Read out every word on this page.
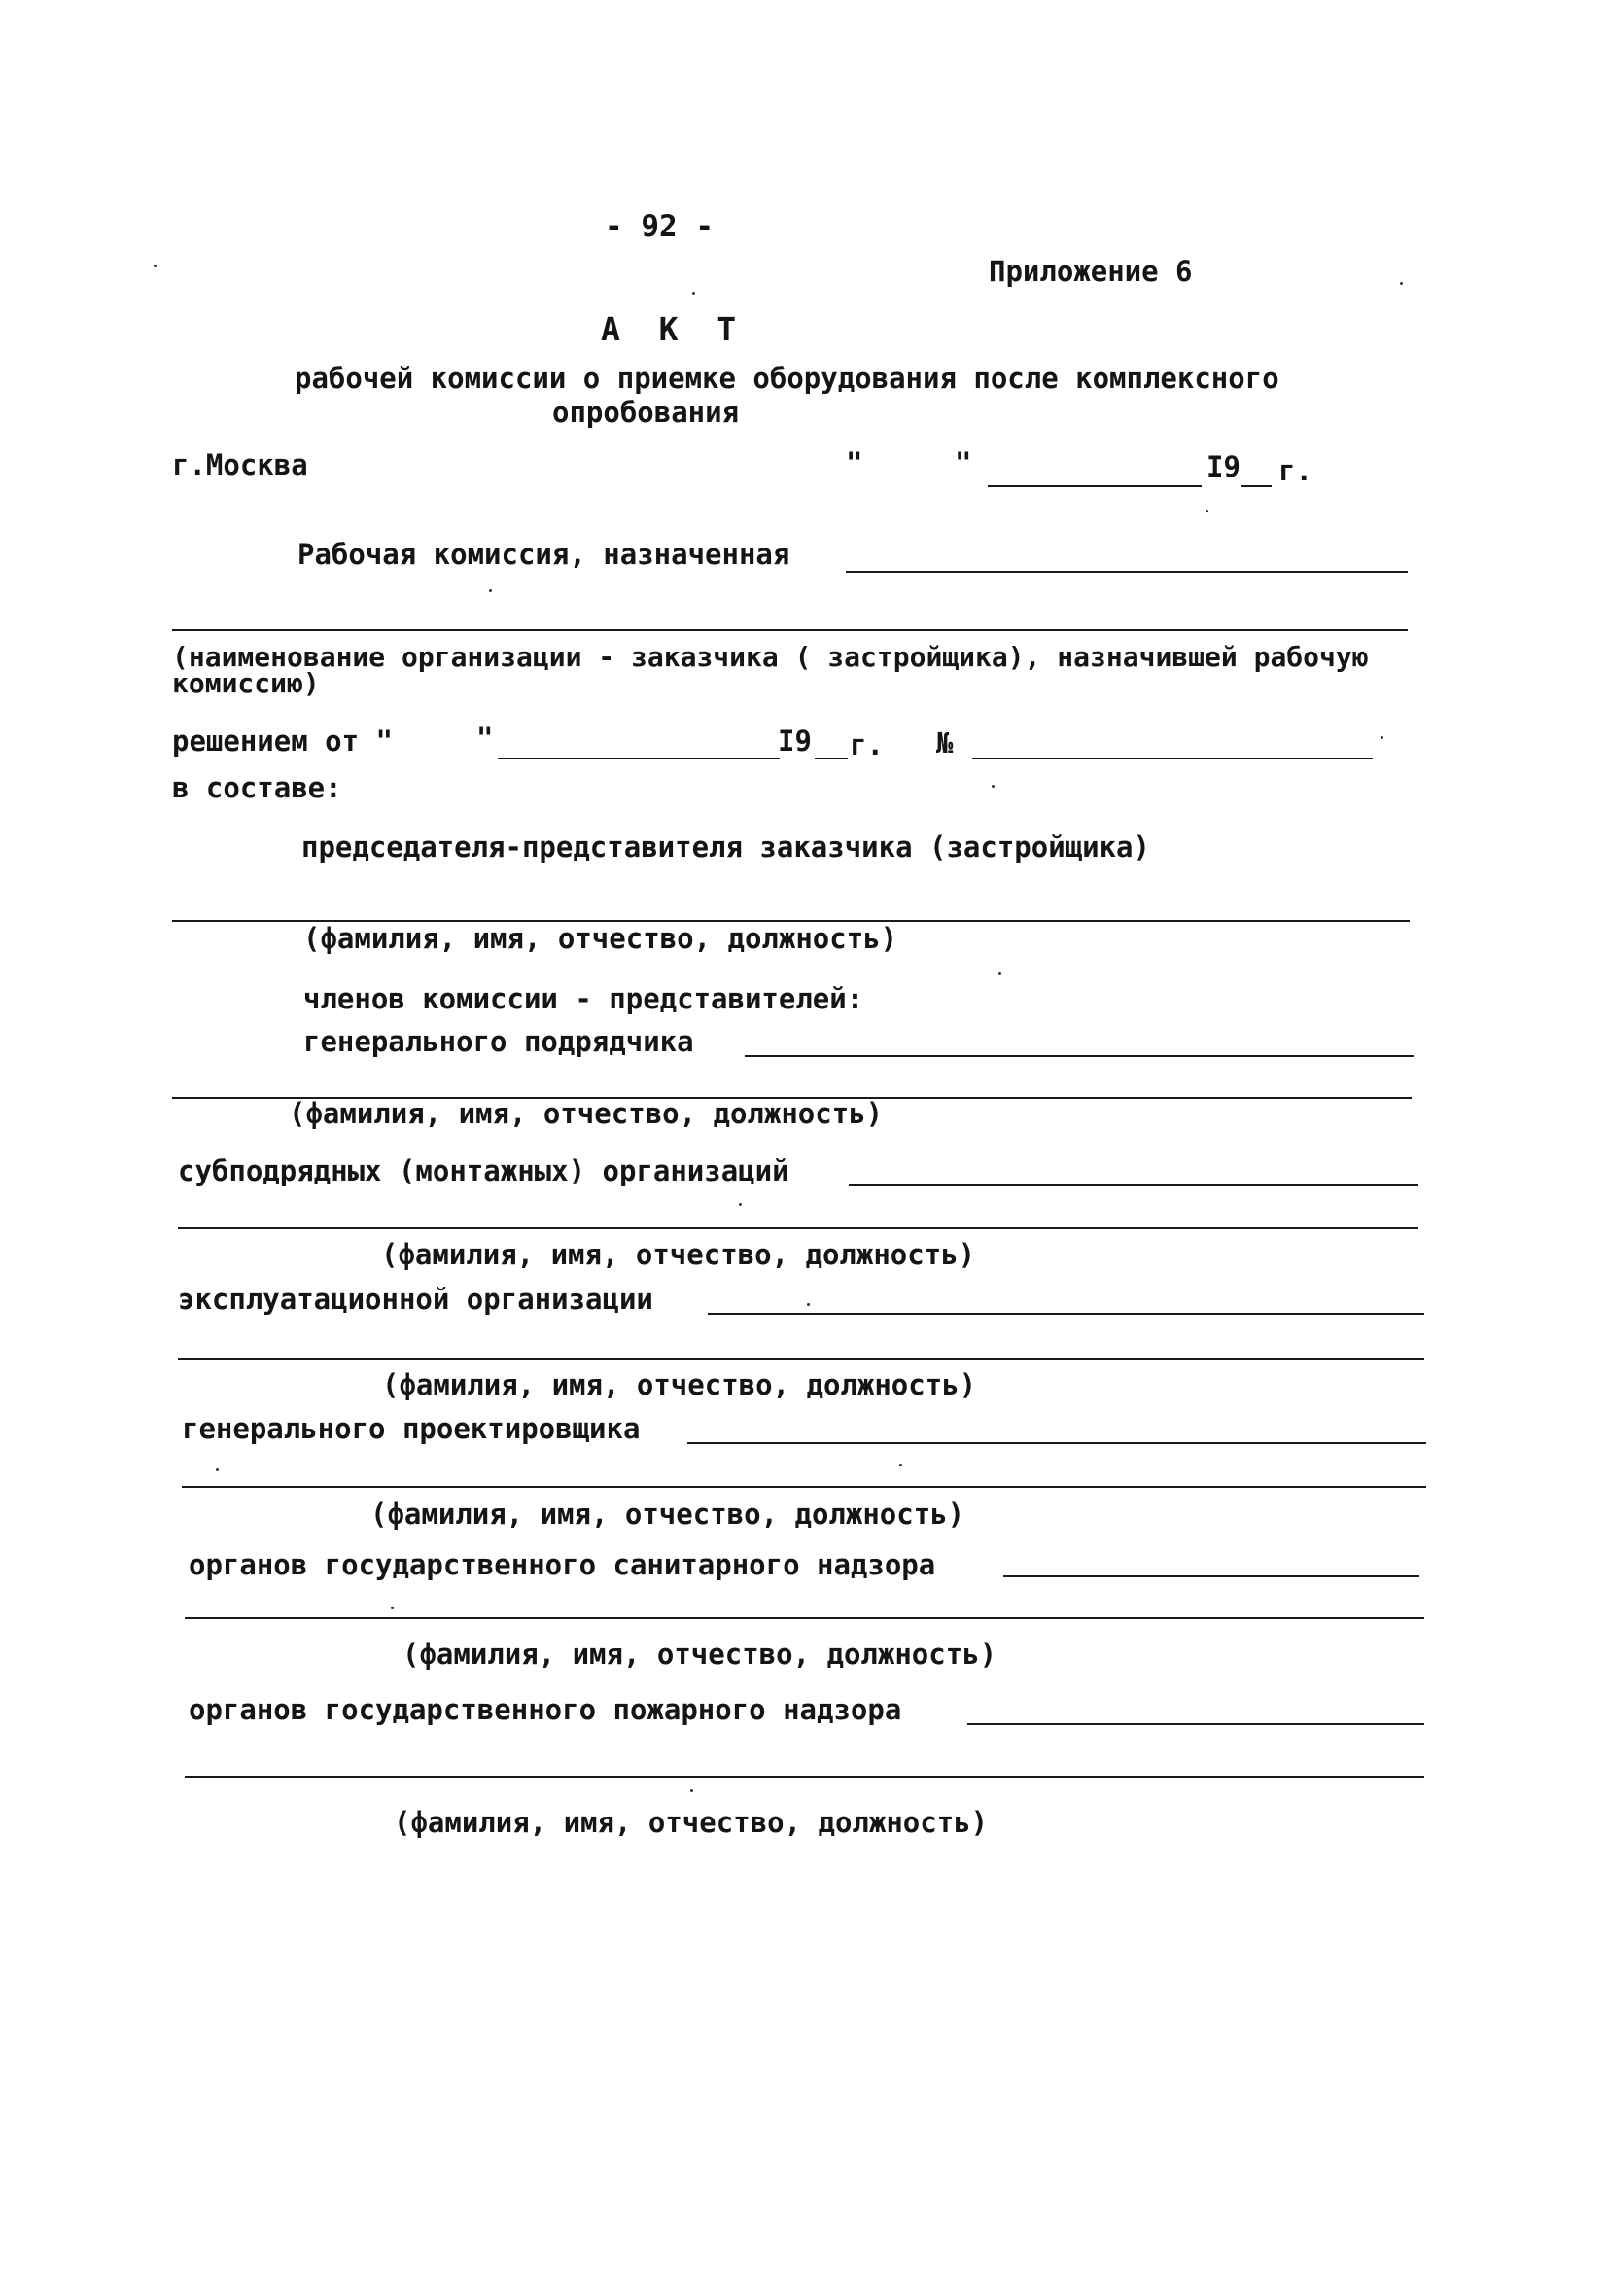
- 92 -
Приложение 6
А  К  Т
рабочей комиссии о приемке оборудования после комплексного
опробования
г.Москва	"	"	I9 г.
Рабочая комиссия, назначенная
(наименование организации - заказчика ( застройщика), назначившей рабочую комиссию)
решением от "	"	I9 г. №
в составе:
председателя-представителя заказчика (застройщика)
(фамилия, имя, отчество, должность)
членов комиссии - представителей:
генерального подрядчика
(фамилия, имя, отчество, должность)
субподрядных (монтажных) организаций
(фамилия, имя, отчество, должность)
эксплуатационной организации
(фамилия, имя, отчество, должность)
генерального проектировщика
(фамилия, имя, отчество, должность)
органов государственного санитарного надзора
(фамилия, имя, отчество, должность)
органов государственного пожарного надзора
(фамилия, имя, отчество, должность)
